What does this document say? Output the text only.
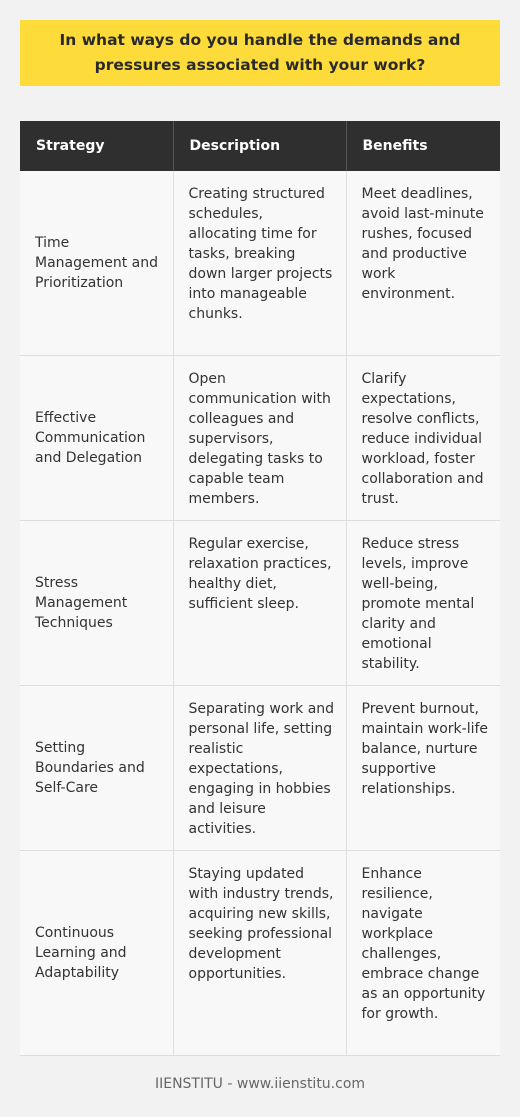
In what ways do you handle the demands and pressures associated with your work?
Strategy	Description	Benefits
Time Management and Prioritization	Creating structured schedules, allocating time for tasks, breaking down larger projects into manageable chunks.	Meet deadlines, avoid last-minute rushes, focused and productive work environment.
Effective Communication and Delegation	Open communication with colleagues and supervisors, delegating tasks to capable team members.	Clarify expectations, resolve conflicts, reduce individual workload, foster collaboration and trust.
Stress Management Techniques	Regular exercise, relaxation practices, healthy diet, sufficient sleep.	Reduce stress levels, improve well-being, promote mental clarity and emotional stability.
Setting Boundaries and Self-Care	Separating work and personal life, setting realistic expectations, engaging in hobbies and leisure activities.	Prevent burnout, maintain work-life balance, nurture supportive relationships.
Continuous Learning and Adaptability	Staying updated with industry trends, acquiring new skills, seeking professional development opportunities.	Enhance resilience, navigate workplace challenges, embrace change as an opportunity for growth.
IIENSTITU - www.iienstitu.com
